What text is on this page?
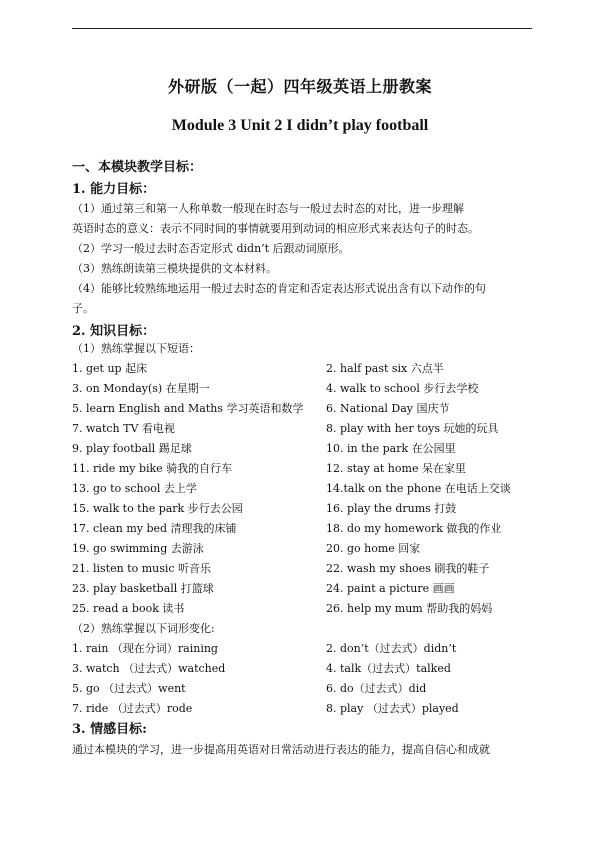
外研版（一起）四年级英语上册教案
Module 3 Unit 2 I didn’t play football
一、本模块教学目标：
1. 能力目标：
（1）通过第三和第一人称单数一般现在时态与一般过去时态的对比，进一步理解
英语时态的意义：表示不同时间的事情就要用到动词的相应形式来表达句子的时态。
（2）学习一般过去时态否定形式 didn’t 后跟动词原形。
（3）熟练朗读第三模块提供的文本材料。
（4）能够比较熟练地运用一般过去时态的肯定和否定表达形式说出含有以下动作的句
子。
2. 知识目标：
（1）熟练掌握以下短语：
1. get up 起床	2. half past six 六点半
3. on Monday(s) 在星期一	4. walk to school 步行去学校
5. learn English and Maths 学习英语和数学	6. National Day 国庆节
7. watch TV 看电视	8. play with her toys 玩她的玩具
9. play football 踢足球	10. in the park 在公园里
11. ride my bike 骑我的自行车	12. stay at home 呆在家里
13. go to school 去上学	14.talk on the phone 在电话上交谈
15. walk to the park 步行去公园	16. play the drums 打鼓
17. clean my bed 清理我的床铺	18. do my homework 做我的作业
19. go swimming 去游泳	20. go home 回家
21. listen to music 听音乐	22. wash my shoes 刷我的鞋子
23. play basketball 打篮球	24. paint a picture 画画
25. read a book 读书	26. help my mum 帮助我的妈妈
（2）熟练掌握以下词形变化:
1. rain （现在分词）raining	2. don’t（过去式）didn’t
3. watch （过去式）watched	4. talk（过去式）talked
5. go （过去式）went	6. do（过去式）did
7. ride （过去式）rode	8. play （过去式）played
3. 情感目标:
通过本模块的学习，进一步提高用英语对日常活动进行表达的能力，提高自信心和成就
